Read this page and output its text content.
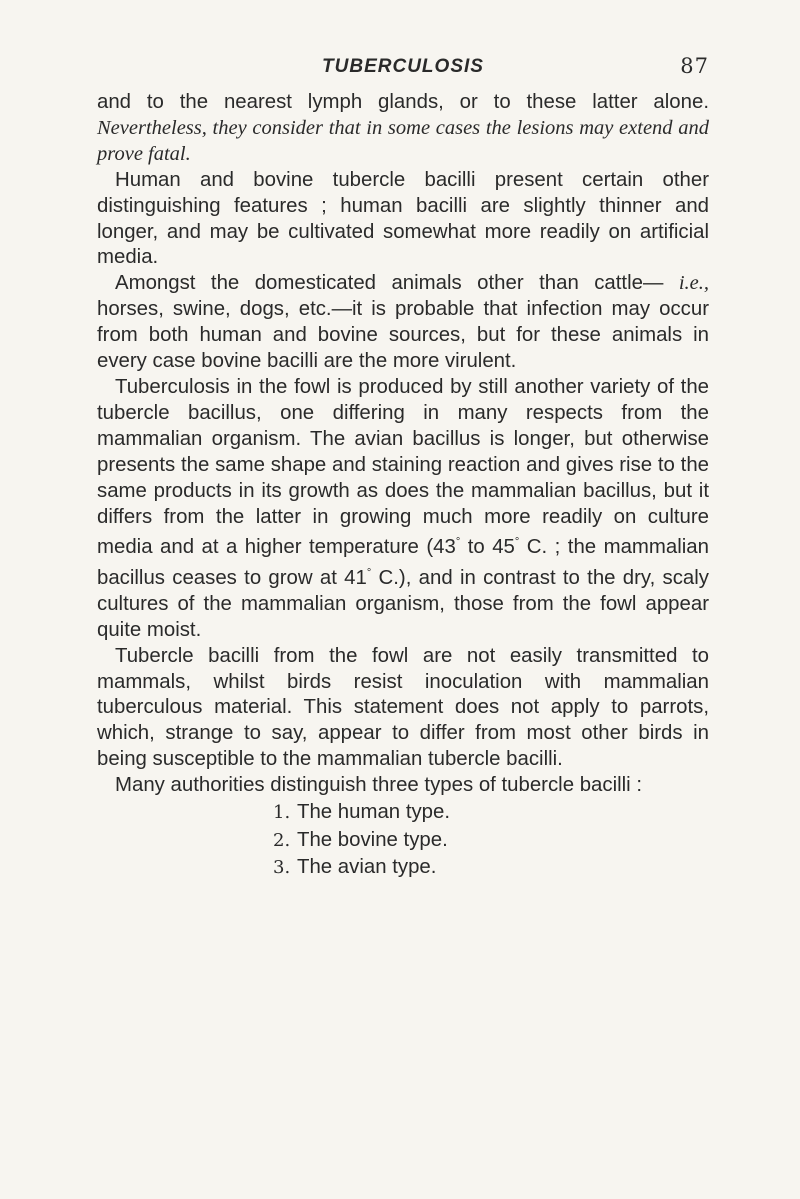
TUBERCULOSIS	87

and to the nearest lymph glands, or to these latter alone. Nevertheless, they consider that in some cases the lesions may extend and prove fatal.

Human and bovine tubercle bacilli present certain other distinguishing features ; human bacilli are slightly thinner and longer, and may be cultivated somewhat more readily on artificial media.

Amongst the domesticated animals other than cattle— i.e., horses, swine, dogs, etc.—it is probable that infection may occur from both human and bovine sources, but for these animals in every case bovine bacilli are the more virulent.

Tuberculosis in the fowl is produced by still another variety of the tubercle bacillus, one differing in many respects from the mammalian organism. The avian bacillus is longer, but otherwise presents the same shape and staining reaction and gives rise to the same products in its growth as does the mammalian bacillus, but it differs from the latter in growing much more readily on culture media and at a higher temperature (43° to 45° C. ; the mammalian bacillus ceases to grow at 41° C.), and in contrast to the dry, scaly cultures of the mammalian organism, those from the fowl appear quite moist.

Tubercle bacilli from the fowl are not easily transmitted to mammals, whilst birds resist inoculation with mammalian tuberculous material. This statement does not apply to parrots, which, strange to say, appear to differ from most other birds in being susceptible to the mammalian tubercle bacilli.

Many authorities distinguish three types of tubercle bacilli :

1. The human type.
2. The bovine type.
3. The avian type.
